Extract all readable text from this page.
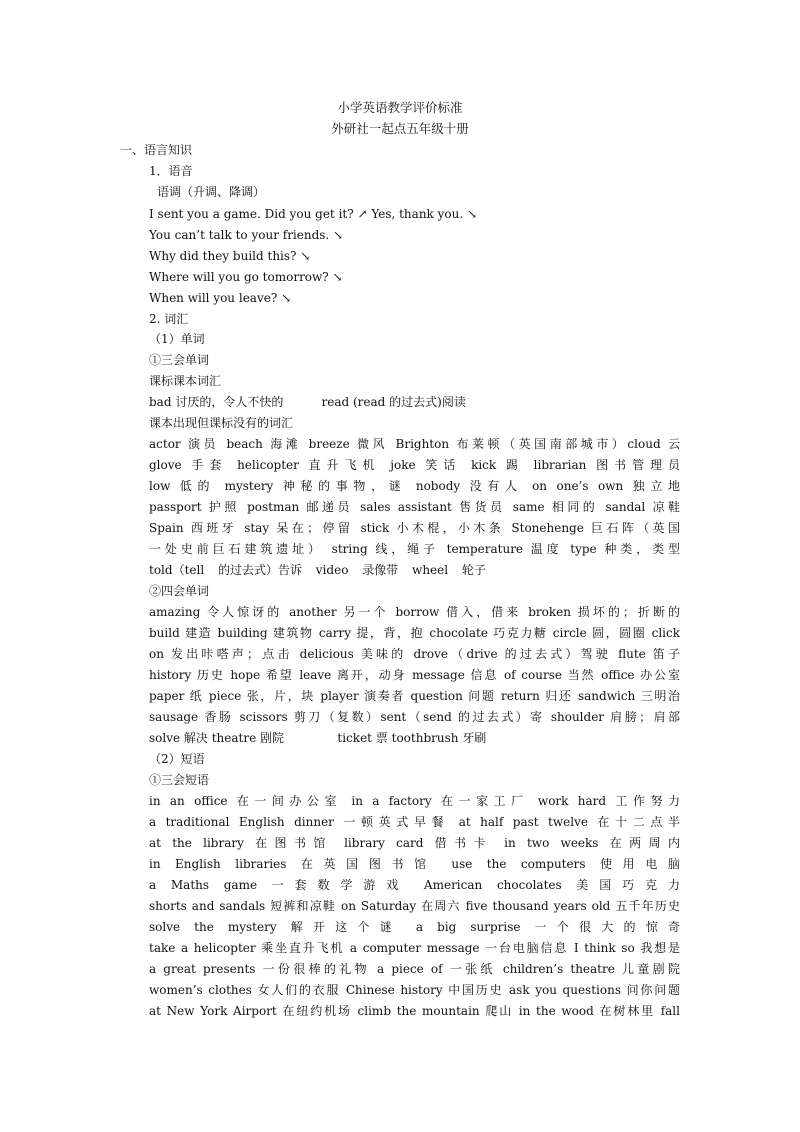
小学英语教学评价标准
外研社一起点五年级十册
一、语言知识
1．语音
语调（升调、降调）
I sent you a game. Did you get it? ↗ Yes, thank you. ↘
You can’t talk to your friends. ↘
Why did they build this? ↘
Where will you go tomorrow? ↘
When will you leave? ↘
2. 词汇
（1）单词
①三会单词
课标课本词汇
bad 讨厌的，令人不快的          read (read 的过去式)阅读
课本出现但课标没有的词汇
actor 演员 beach 海滩 breeze 微风 Brighton 布莱顿（英国南部城市）cloud 云
glove 手套 helicopter 直升飞机 joke 笑话 kick 踢 librarian 图书管理员
low 低的 mystery 神秘的事物，谜 nobody 没有人 on one’s own 独立地
passport 护照 postman 邮递员 sales assistant 售货员 same 相同的 sandal 凉鞋
Spain 西班牙 stay 呆在；停留 stick 小木棍，小木条 Stonehenge 巨石阵（英国
一处史前巨石建筑遗址） string 线，绳子 temperature 温度 type 种类，类型
told（tell 的过去式）告诉 video 录像带 wheel 轮子
②四会单词
amazing 令人惊讶的 another 另一个 borrow 借入，借来 broken 损坏的；折断的
build 建造 building 建筑物 carry 提，背，抱 chocolate 巧克力糖 circle 圆，圆圈 click
on 发出咔嗒声；点击 delicious 美味的 drove（drive 的过去式）驾驶 flute 笛子
history 历史 hope 希望 leave 离开，动身 message 信息 of course 当然 office 办公室
paper 纸 piece 张，片，块 player 演奏者 question 问题 return 归还 sandwich 三明治
sausage 香肠 scissors 剪刀（复数）sent（send 的过去式）寄 shoulder 肩膀；肩部
solve 解决 theatre 剧院              ticket 票 toothbrush 牙刷
（2）短语
①三会短语
in an office 在一间办公室 in a factory 在一家工厂 work hard 工作努力
a traditional English dinner 一顿英式早餐 at half past twelve 在十二点半
at the library 在图书馆 library card 借书卡 in two weeks 在两周内
in English libraries 在英国图书馆 use the computers 使用电脑
a Maths game 一套数学游戏 American chocolates 美国巧克力
shorts and sandals 短裤和凉鞋 on Saturday 在周六 five thousand years old 五千年历史
solve the mystery 解开这个谜 a big surprise 一个很大的惊奇
take a helicopter 乘坐直升飞机 a computer message 一台电脑信息 I think so 我想是
a great presents 一份很棒的礼物 a piece of 一张纸 children’s theatre 儿童剧院
women’s clothes 女人们的衣服 Chinese history 中国历史 ask you questions 问你问题
at New York Airport 在纽约机场 climb the mountain 爬山 in the wood 在树林里 fall
